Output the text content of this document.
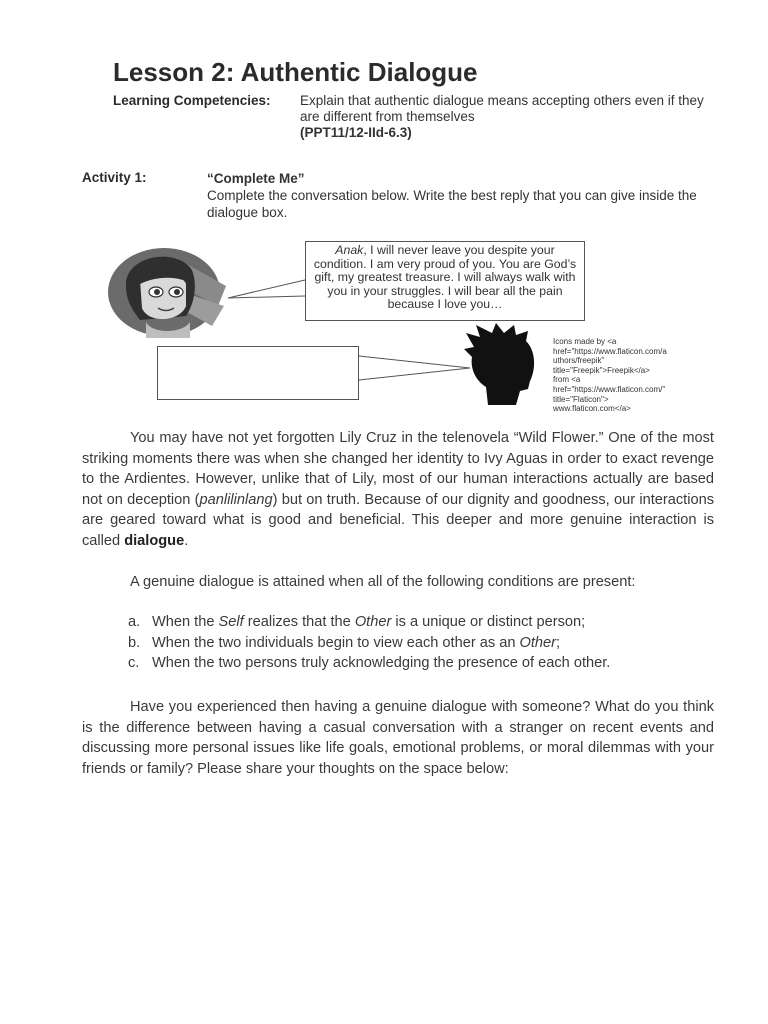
Lesson 2: Authentic Dialogue
Learning Competencies: Explain that authentic dialogue means accepting others even if they are different from themselves
(PPT11/12-IId-6.3)
Activity 1:	“Complete Me”
Complete the conversation below. Write the best reply that you can give inside the dialogue box.
Anak, I will never leave you despite your condition. I am very proud of you. You are God’s gift, my greatest treasure. I will always walk with you in your struggles. I will bear all the pain because I love you…
Icons made by <a
href="https://www.flaticon.com/a
uthors/freepik"
title="Freepik">Freepik</a>
from <a
href="https://www.flaticon.com/"
title="Flaticon">
www.flaticon.com</a>

You may have not yet forgotten Lily Cruz in the telenovela “Wild Flower.” One of the most striking moments there was when she changed her identity to Ivy Aguas in order to exact revenge to the Ardientes. However, unlike that of Lily, most of our human interactions actually are based not on deception (panlilinlang) but on truth. Because of our dignity and goodness, our interactions are geared toward what is good and beneficial. This deeper and more genuine interaction is called dialogue.

A genuine dialogue is attained when all of the following conditions are present:

a. When the Self realizes that the Other is a unique or distinct person;
b. When the two individuals begin to view each other as an Other;
c. When the two persons truly acknowledging the presence of each other.

Have you experienced then having a genuine dialogue with someone? What do you think is the difference between having a casual conversation with a stranger on recent events and discussing more personal issues like life goals, emotional problems, or moral dilemmas with your friends or family? Please share your thoughts on the space below:
